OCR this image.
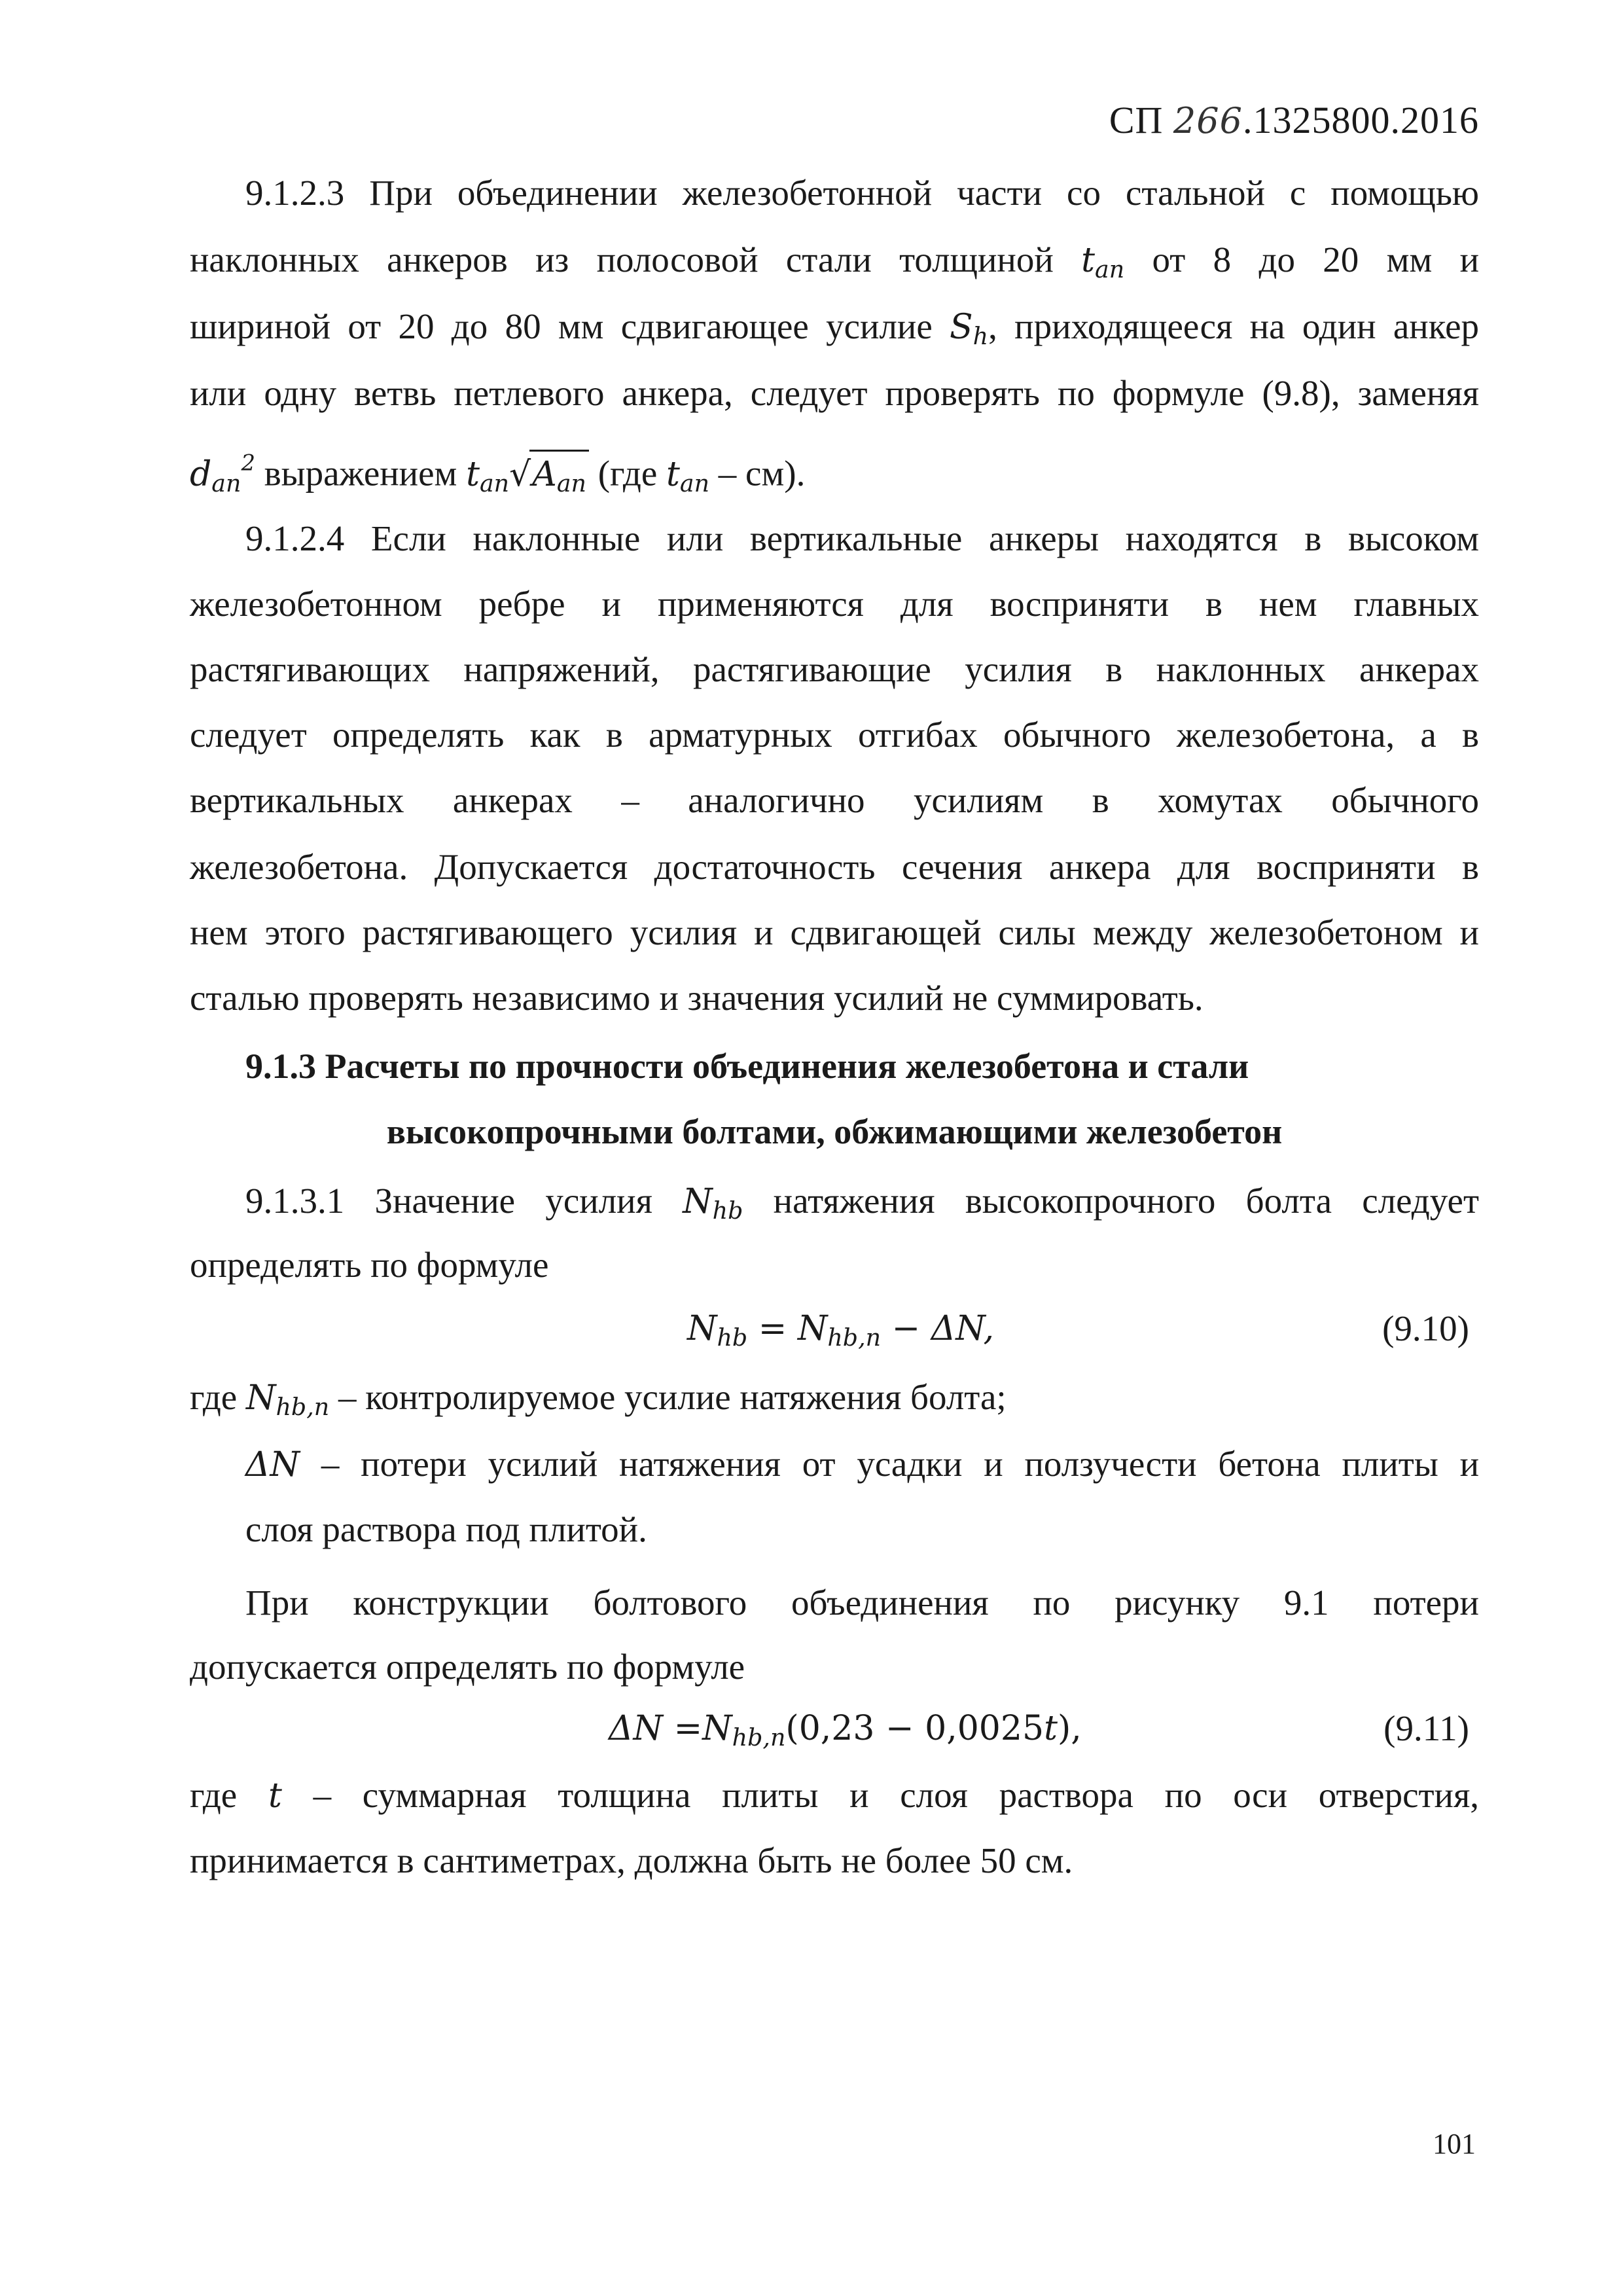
СП 266.1325800.2016
9.1.2.3 При объединении железобетонной части со стальной с помощью
наклонных анкеров из полосовой стали толщиной $t_{an}$ от 8 до 20 мм и
шириной от 20 до 80 мм сдвигающее усилие $S_h$, приходящееся на один анкер
или одну ветвь петлевого анкера, следует проверять по формуле (9.8), заменяя
$d_{an}^2$ выражением $t_{an}√A_{an}$ (где $t_{an} - см$).
9.1.2.4 Если наклонные или вертикальные анкеры находятся в высоком
железобетонном ребре и применяются для восприняти в нем главных
растягивающих напряжений, растягивающие усилия в наклонных анкерах
следует определять как в арматурных отгибах обычного железобетона, а в
вертикальных анкерах – аналогично усилиям в хомутах обычного
железобетона. Допускается достаточность сечения анкера для восприняти в
нем этого растягивающего усилия и сдвигающей силы между железобетоном и
сталью проверять независимо и значения усилий не суммировать.
9.1.3 Расчеты по прочности объединения железобетона и стали
высокопрочными болтами, обжимающими железобетон
9.1.3.1 Значение усилия $N_{hb}$ натяжения высокопрочного болта следует
определять по формуле
$N_{hb} = N_{hb,n} - \Delta N$,	(9.10)
где $N_{hb,n}$ – контролируемое усилие натяжения болта;
ΔN – потери усилий натяжения от усадки и ползучести бетона плиты и
слоя раствора под плитой.
При конструкции болтового объединения по рисунку 9.1 потери
допускается определять по формуле
$\Delta N =N_{hb,n}(0,23 - 0,0025t)$,	(9.11)
где t – суммарная толщина плиты и слоя раствора по оси отверстия,
принимается в сантиметрах, должна быть не более 50 см.
101
